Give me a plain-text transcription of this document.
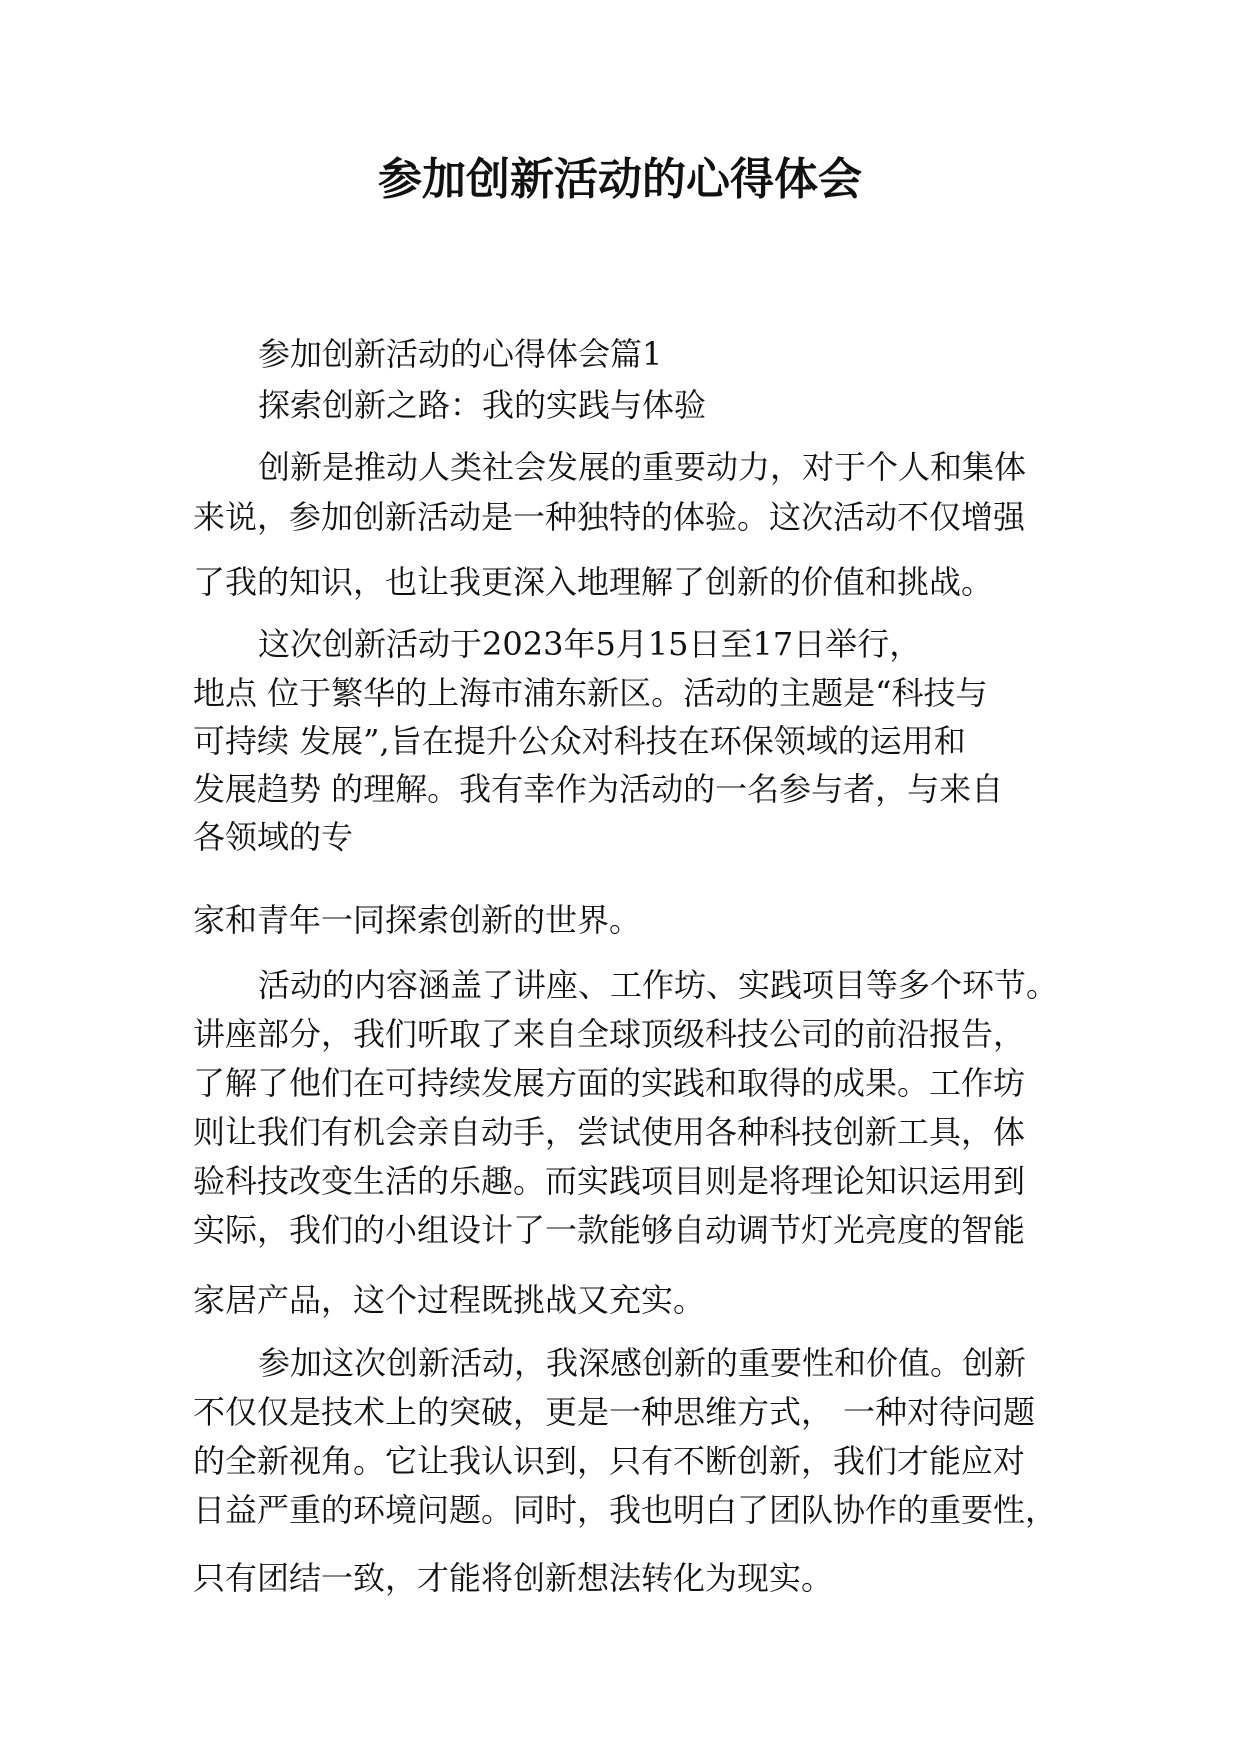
参加创新活动的心得体会

参加创新活动的心得体会篇1

探索创新之路：我的实践与体验

创新是推动人类社会发展的重要动力，对于个人和集体

来说，参加创新活动是一种独特的体验。这次活动不仅增强

了我的知识，也让我更深入地理解了创新的价值和挑战。

这次创新活动于2023年5月15日至17日举行，

地点 位于繁华的上海市浦东新区。活动的主题是“科技与

可持续 发展”,旨在提升公众对科技在环保领域的运用和

发展趋势 的理解。我有幸作为活动的一名参与者，与来自

各领域的专

家和青年一同探索创新的世界。

活动的内容涵盖了讲座、工作坊、实践项目等多个环节。

讲座部分，我们听取了来自全球顶级科技公司的前沿报告，

了解了他们在可持续发展方面的实践和取得的成果。工作坊

则让我们有机会亲自动手，尝试使用各种科技创新工具，体

验科技改变生活的乐趣。而实践项目则是将理论知识运用到

实际，我们的小组设计了一款能够自动调节灯光亮度的智能

家居产品，这个过程既挑战又充实。

参加这次创新活动，我深感创新的重要性和价值。创新

不仅仅是技术上的突破，更是一种思维方式， 一种对待问题

的全新视角。它让我认识到，只有不断创新，我们才能应对

日益严重的环境问题。同时，我也明白了团队协作的重要性，

只有团结一致，才能将创新想法转化为现实。
